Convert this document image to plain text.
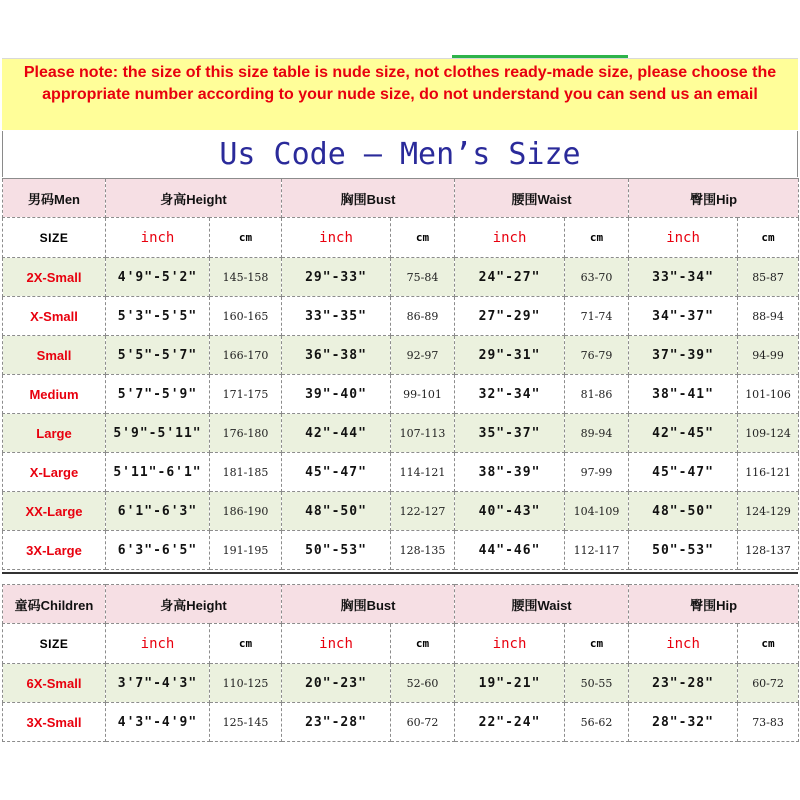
Please note: the size of this size table is nude size, not clothes ready-made size, please choose the appropriate number according to your nude size, do not understand you can send us an email
Us Code – Men’s Size
男码Men	身高Height		胸围Bust		腰围Waist		臀围Hip	
SIZE	inch	cm	inch	cm	inch	cm	inch	cm
2X-Small	4'9"-5'2"	145-158	29"-33"	75-84	24"-27"	63-70	33"-34"	85-87
X-Small	5'3"-5'5"	160-165	33"-35"	86-89	27"-29"	71-74	34"-37"	88-94
Small	5'5"-5'7"	166-170	36"-38"	92-97	29"-31"	76-79	37"-39"	94-99
Medium	5'7"-5'9"	171-175	39"-40"	99-101	32"-34"	81-86	38"-41"	101-106
Large	5'9"-5'11"	176-180	42"-44"	107-113	35"-37"	89-94	42"-45"	109-124
X-Large	5'11"-6'1"	181-185	45"-47"	114-121	38"-39"	97-99	45"-47"	116-121
XX-Large	6'1"-6'3"	186-190	48"-50"	122-127	40"-43"	104-109	48"-50"	124-129
3X-Large	6'3"-6'5"	191-195	50"-53"	128-135	44"-46"	112-117	50"-53"	128-137
童码Children	身高Height		胸围Bust		腰围Waist		臀围Hip	
SIZE	inch	cm	inch	cm	inch	cm	inch	cm
6X-Small	3'7"-4'3"	110-125	20"-23"	52-60	19"-21"	50-55	23"-28"	60-72
3X-Small	4'3"-4'9"	125-145	23"-28"	60-72	22"-24"	56-62	28"-32"	73-83
